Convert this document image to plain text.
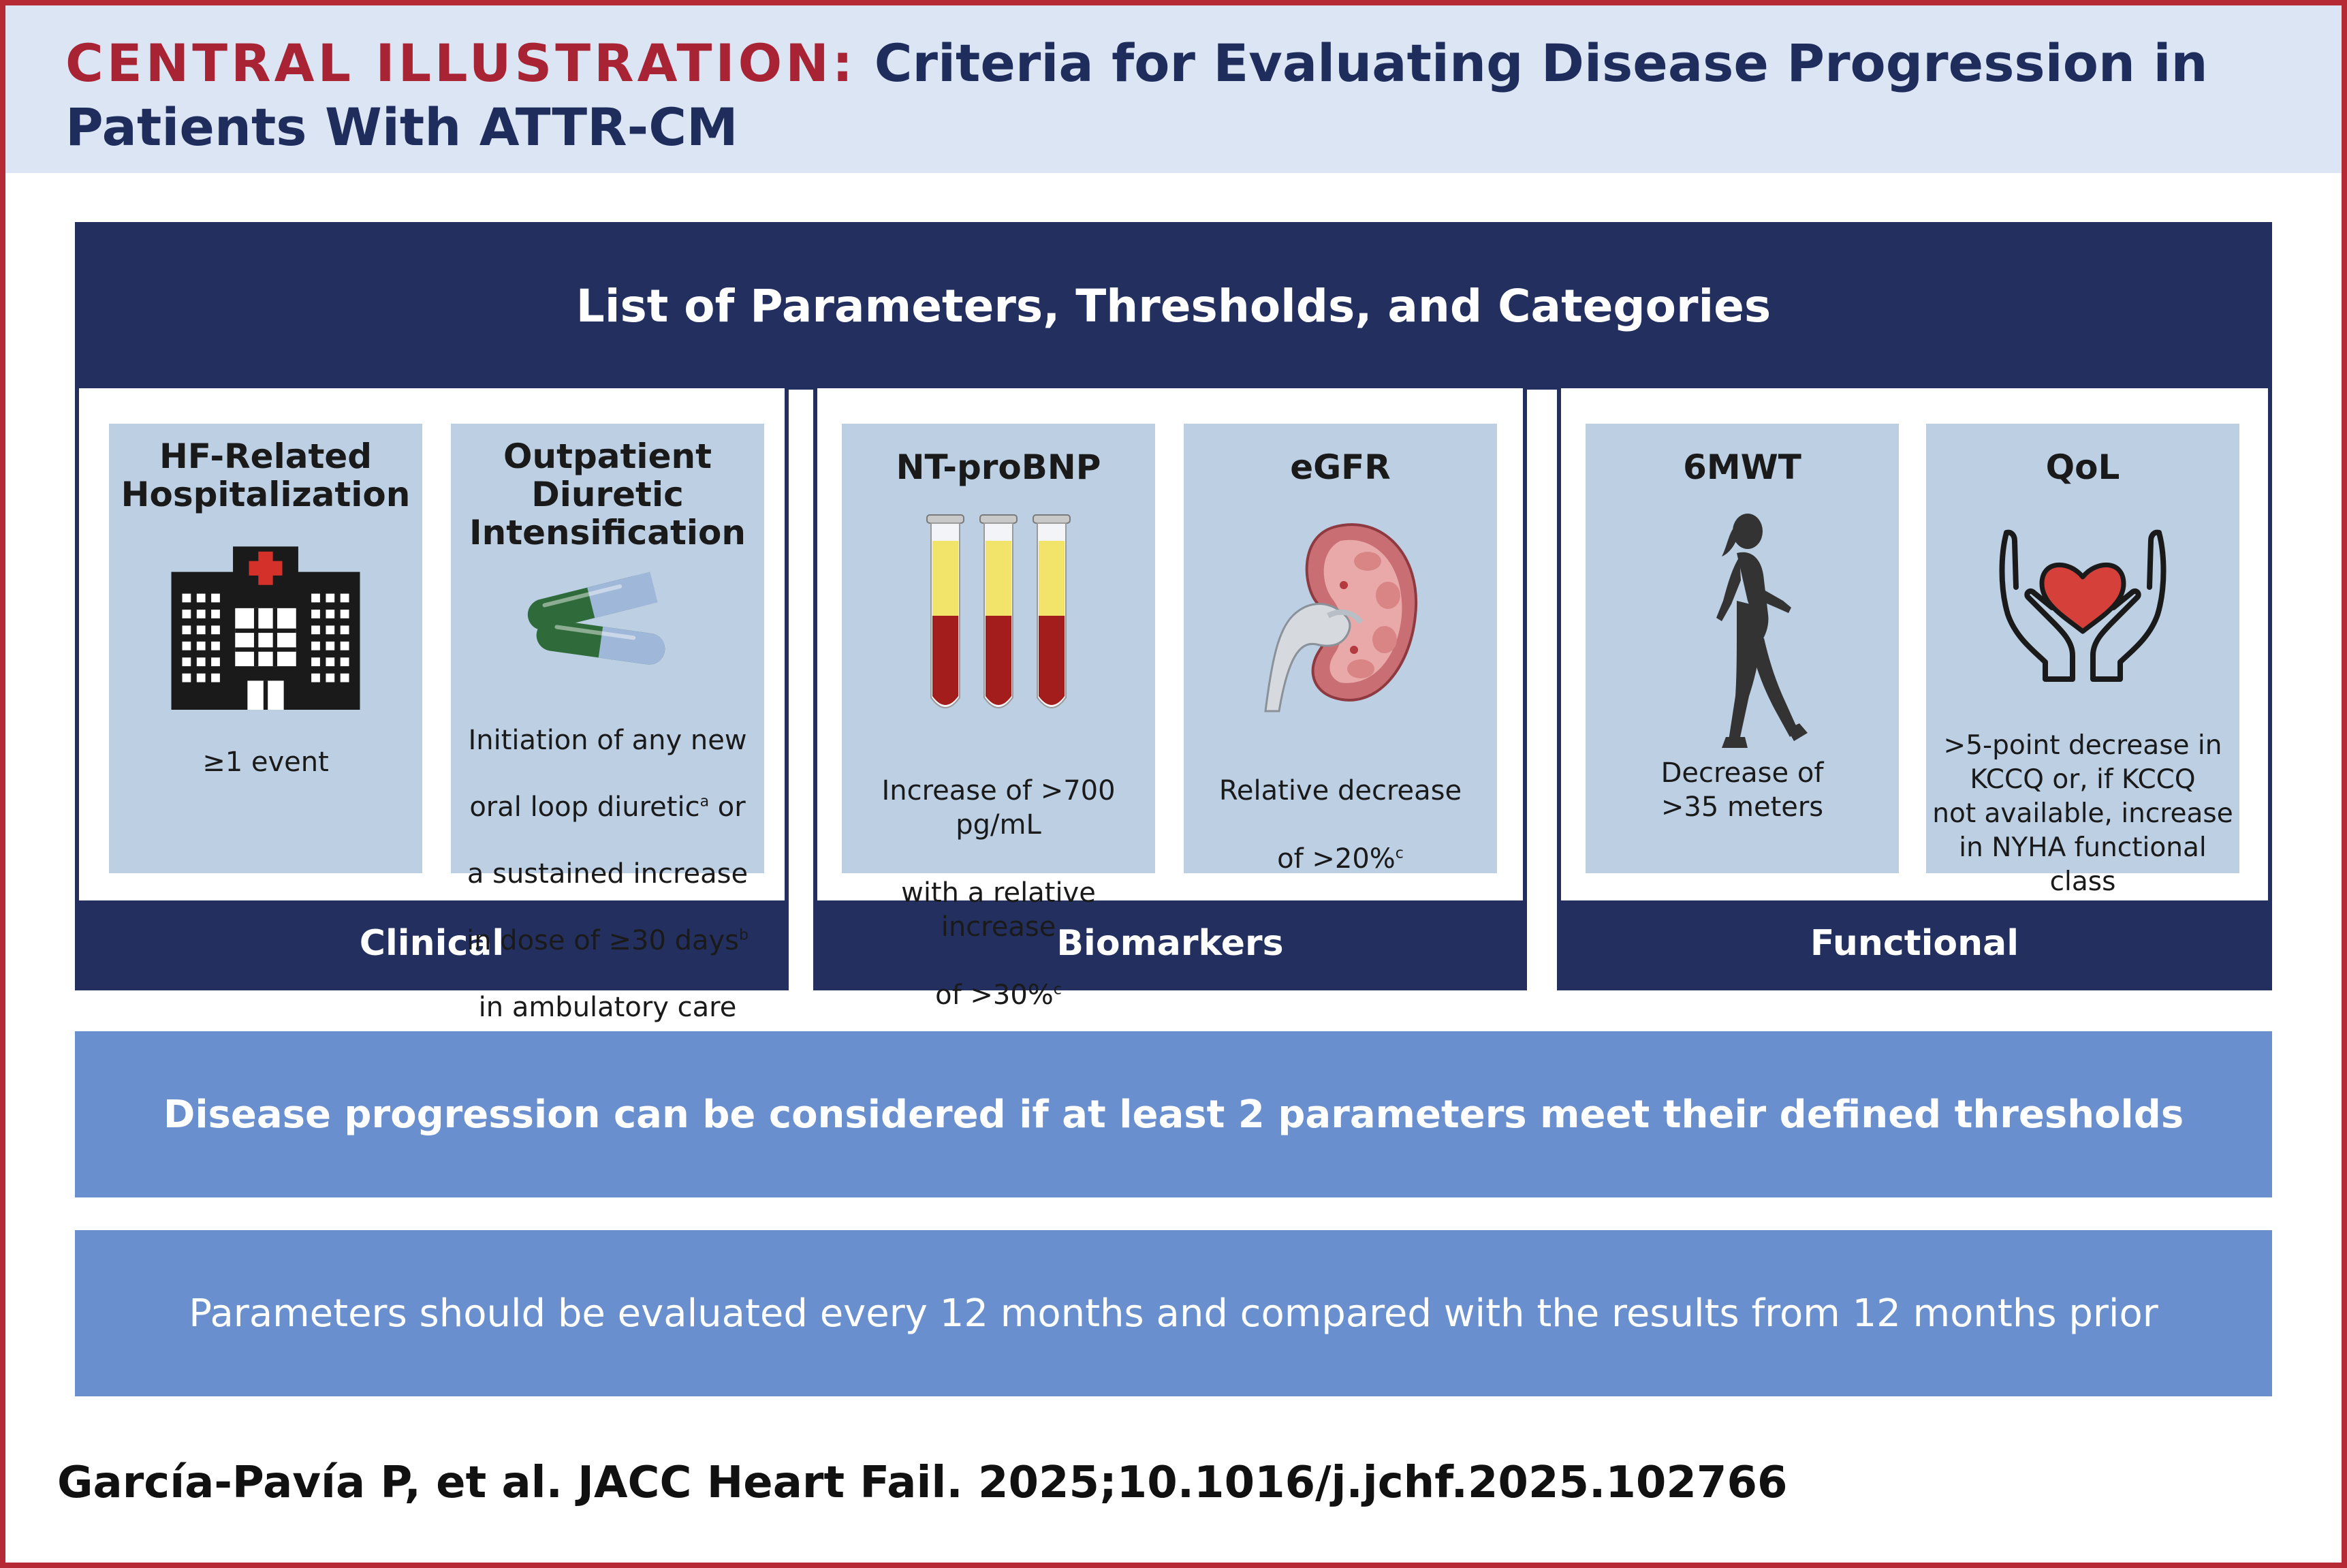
CENTRAL ILLUSTRATION: Criteria for Evaluating Disease Progression in Patients With ATTR-CM
List of Parameters, Thresholds, and Categories
Clinical	Biomarkers	Functional
HF-Related
Hospitalization
≥1 event
Outpatient
Diuretic
Intensification

Initiation of any new

oral loop diuretic$^a$ or

a sustained increase

in dose of ≥30 days$^b$

in ambulatory care

NT-proBNP

Increase of >700 pg/mL

with a relative increase

of >30%$^c$

eGFR

Relative decrease

of >20%$^c$

6MWT
Decrease of
>35 meters
QoL
>5-point decrease in
KCCQ or, if KCCQ
not available, increase
in NYHA functional class
Disease progression can be considered if at least 2 parameters meet their defined thresholds
Parameters should be evaluated every 12 months and compared with the results from 12 months prior
García-Pavía P, et al. JACC Heart Fail. 2025;10.1016/j.jchf.2025.102766
